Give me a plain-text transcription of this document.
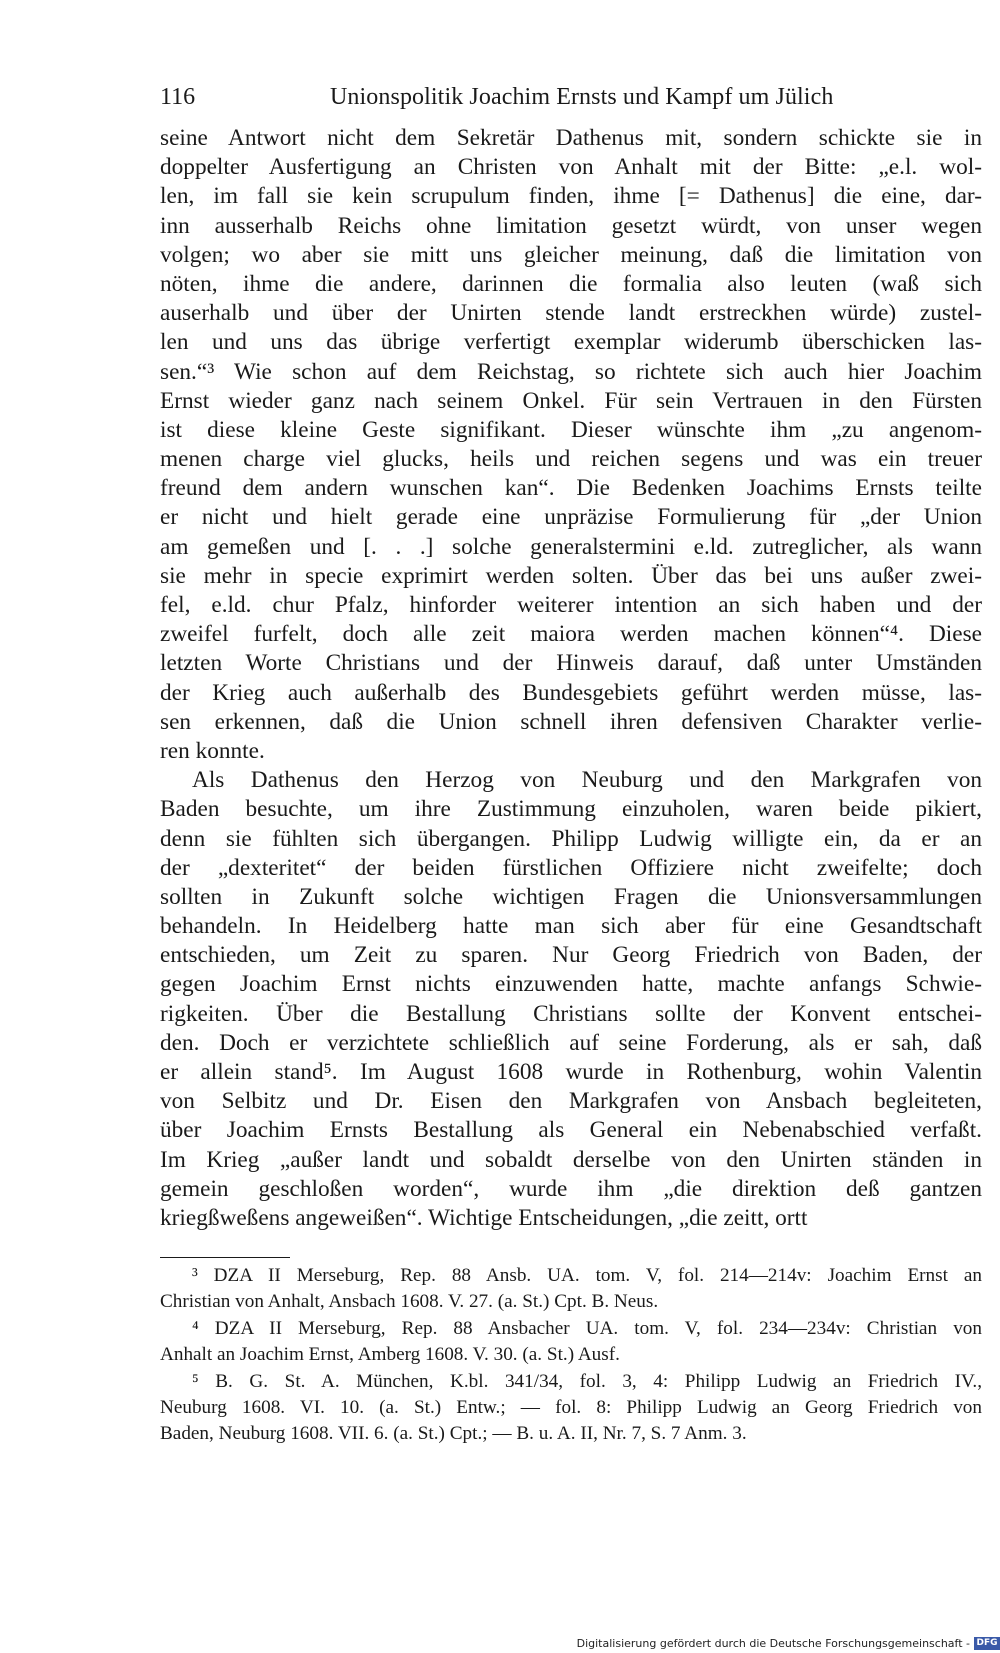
116	Unionspolitik Joachim Ernsts und Kampf um Jülich
seine Antwort nicht dem Sekretär Dathenus mit, sondern schickte sie in
doppelter Ausfertigung an Christen von Anhalt mit der Bitte: „e.l. wol-
len, im fall sie kein scrupulum finden, ihme [= Dathenus] die eine, dar-
inn ausserhalb Reichs ohne limitation gesetzt würdt, von unser wegen
volgen; wo aber sie mitt uns gleicher meinung, daß die limitation von
nöten, ihme die andere, darinnen die formalia also leuten (waß sich
auserhalb und über der Unirten stende landt erstreckhen würde) zustel-
len und uns das übrige verfertigt exemplar widerumb überschicken las-
sen.“³ Wie schon auf dem Reichstag, so richtete sich auch hier Joachim
Ernst wieder ganz nach seinem Onkel. Für sein Vertrauen in den Fürsten
ist diese kleine Geste signifikant. Dieser wünschte ihm „zu angenom-
menen charge viel glucks, heils und reichen segens und was ein treuer
freund dem andern wunschen kan“. Die Bedenken Joachims Ernsts teilte
er nicht und hielt gerade eine unpräzise Formulierung für „der Union
am gemeßen und [. . .] solche generalstermini e.ld. zutreglicher, als wann
sie mehr in specie exprimirt werden solten. Über das bei uns außer zwei-
fel, e.ld. chur Pfalz, hinforder weiterer intention an sich haben und der
zweifel furfelt, doch alle zeit maiora werden machen können“⁴. Diese
letzten Worte Christians und der Hinweis darauf, daß unter Umständen
der Krieg auch außerhalb des Bundesgebiets geführt werden müsse, las-
sen erkennen, daß die Union schnell ihren defensiven Charakter verlie-
ren konnte.
Als Dathenus den Herzog von Neuburg und den Markgrafen von
Baden besuchte, um ihre Zustimmung einzuholen, waren beide pikiert,
denn sie fühlten sich übergangen. Philipp Ludwig willigte ein, da er an
der „dexteritet“ der beiden fürstlichen Offiziere nicht zweifelte; doch
sollten in Zukunft solche wichtigen Fragen die Unionsversammlungen
behandeln. In Heidelberg hatte man sich aber für eine Gesandtschaft
entschieden, um Zeit zu sparen. Nur Georg Friedrich von Baden, der
gegen Joachim Ernst nichts einzuwenden hatte, machte anfangs Schwie-
rigkeiten. Über die Bestallung Christians sollte der Konvent entschei-
den. Doch er verzichtete schließlich auf seine Forderung, als er sah, daß
er allein stand⁵. Im August 1608 wurde in Rothenburg, wohin Valentin
von Selbitz und Dr. Eisen den Markgrafen von Ansbach begleiteten,
über Joachim Ernsts Bestallung als General ein Nebenabschied verfaßt.
Im Krieg „außer landt und sobaldt derselbe von den Unirten ständen in
gemein geschloßen worden“, wurde ihm „die direktion deß gantzen
kriegßweßens angeweißen“. Wichtige Entscheidungen, „die zeitt, ortt
³ DZA II Merseburg, Rep. 88 Ansb. UA. tom. V, fol. 214—214v: Joachim Ernst an
Christian von Anhalt, Ansbach 1608. V. 27. (a. St.) Cpt. B. Neus.
⁴ DZA II Merseburg, Rep. 88 Ansbacher UA. tom. V, fol. 234—234v: Christian von
Anhalt an Joachim Ernst, Amberg 1608. V. 30. (a. St.) Ausf.
⁵ B. G. St. A. München, K.bl. 341/34, fol. 3, 4: Philipp Ludwig an Friedrich IV.,
Neuburg 1608. VI. 10. (a. St.) Entw.; — fol. 8: Philipp Ludwig an Georg Friedrich von
Baden, Neuburg 1608. VII. 6. (a. St.) Cpt.; — B. u. A. II, Nr. 7, S. 7 Anm. 3.
Digitalisierung gefördert durch die Deutsche Forschungsgemeinschaft - DFG
